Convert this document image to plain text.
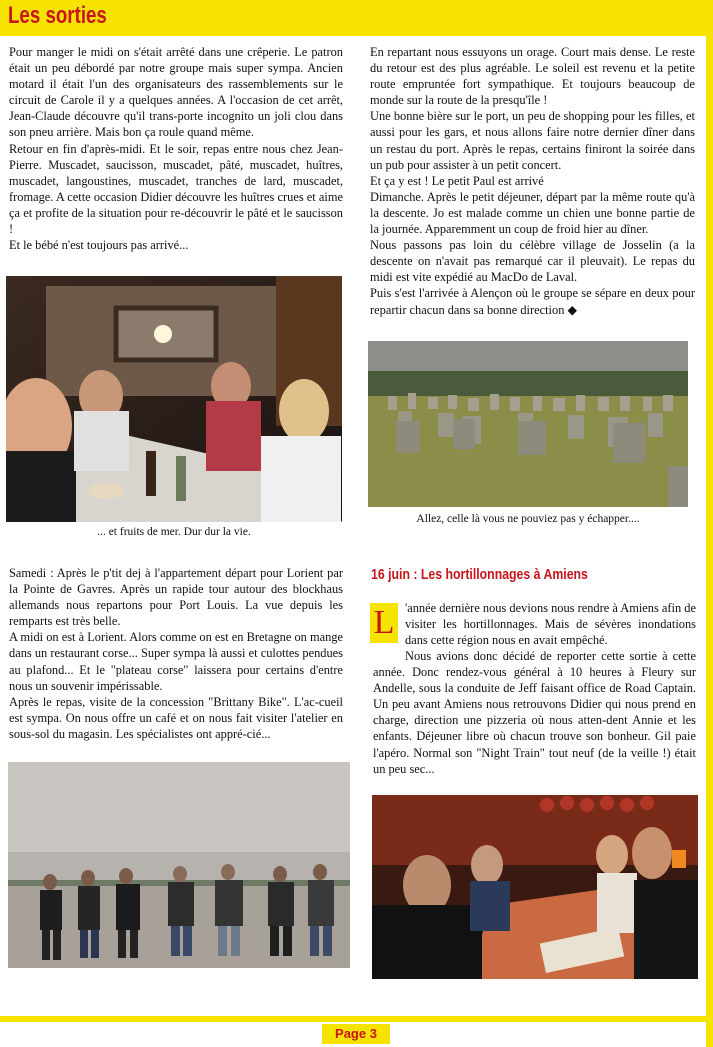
Les sorties

Pour manger le midi on s'était arrêté dans une crêperie. Le patron était un peu débordé par notre groupe mais super sympa. Ancien motard il était l'un des organisateurs des rassemblements sur le circuit de Carole il y a quelques années. A l'occasion de cet arrêt, Jean-Claude découvre qu'il trans-porte incognito un joli clou dans son pneu arrière. Mais bon ça roule quand même.

Retour en fin d'après-midi. Et le soir, repas entre nous chez Jean-Pierre. Muscadet, saucisson, muscadet, pâté, muscadet, huîtres, muscadet, langoustines, muscadet, tranches de lard, muscadet, fromage. A cette occasion Didier découvre les huîtres crues et aime ça et profite de la situation pour re-découvrir le pâté et le saucisson !

Et le bébé n'est toujours pas arrivé...

... et fruits de mer. Dur dur la vie.

En repartant nous essuyons un orage. Court mais dense. Le reste du retour est des plus agréable. Le soleil est revenu et la petite route empruntée fort sympathique. Et toujours beaucoup de monde sur la route de la presqu'île !

Une bonne bière sur le port, un peu de shopping pour les filles, et aussi pour les gars, et nous allons faire notre dernier dîner dans un restau du port. Après le repas, certains finiront la soirée dans un pub pour assister à un petit concert.

Et ça y est ! Le petit Paul est arrivé

Dimanche. Après le petit déjeuner, départ par la même route qu'à la descente. Jo est malade comme un chien une bonne partie de la journée. Apparemment un coup de froid hier au dîner.

Nous passons pas loin du célèbre village de Josselin (a la descente on n'avait pas remarqué car il pleuvait). Le repas du midi est vite expédié au MacDo de Laval.

Puis s'est l'arrivée à Alençon où le groupe se sépare en deux pour repartir chacun dans sa bonne direction ◆

Allez, celle là vous ne pouviez pas y échapper....

Samedi : Après le p'tit dej à l'appartement départ pour Lorient par la Pointe de Gavres. Après un rapide tour autour des blockhaus allemands nous repartons pour Port Louis. La vue depuis les remparts est très belle.

A midi on est à Lorient. Alors comme on est en Bretagne on mange dans un restaurant corse... Super sympa là aussi et culottes pendues au plafond... Et le "plateau corse" laissera pour certains d'entre nous un souvenir impérissable.

Après le repas, visite de la concession "Brittany Bike". L'ac-cueil est sympa. On nous offre un café et on nous fait visiter l'atelier en sous-sol du magasin. Les spécialistes ont appré-cié...

16 juin : Les hortillonnages à Amiens
L 'année dernière nous devions nous rendre à Amiens afin de visiter les hortillonnages. Mais de sévères inondations dans cette région nous en avait empêché.

Nous avions donc décidé de reporter cette sortie à cette année. Donc rendez-vous général à 10 heures à Fleury sur Andelle, sous la conduite de Jeff faisant office de Road Captain. Un peu avant Amiens nous retrouvons Didier qui nous prend en charge, direction une pizzeria où nous atten-dent Annie et les enfants. Déjeuner libre où chacun trouve son bonheur. Gil paie l'apéro. Normal son "Night Train" tout neuf (de la veille !) était un peu sec...

Page 3
